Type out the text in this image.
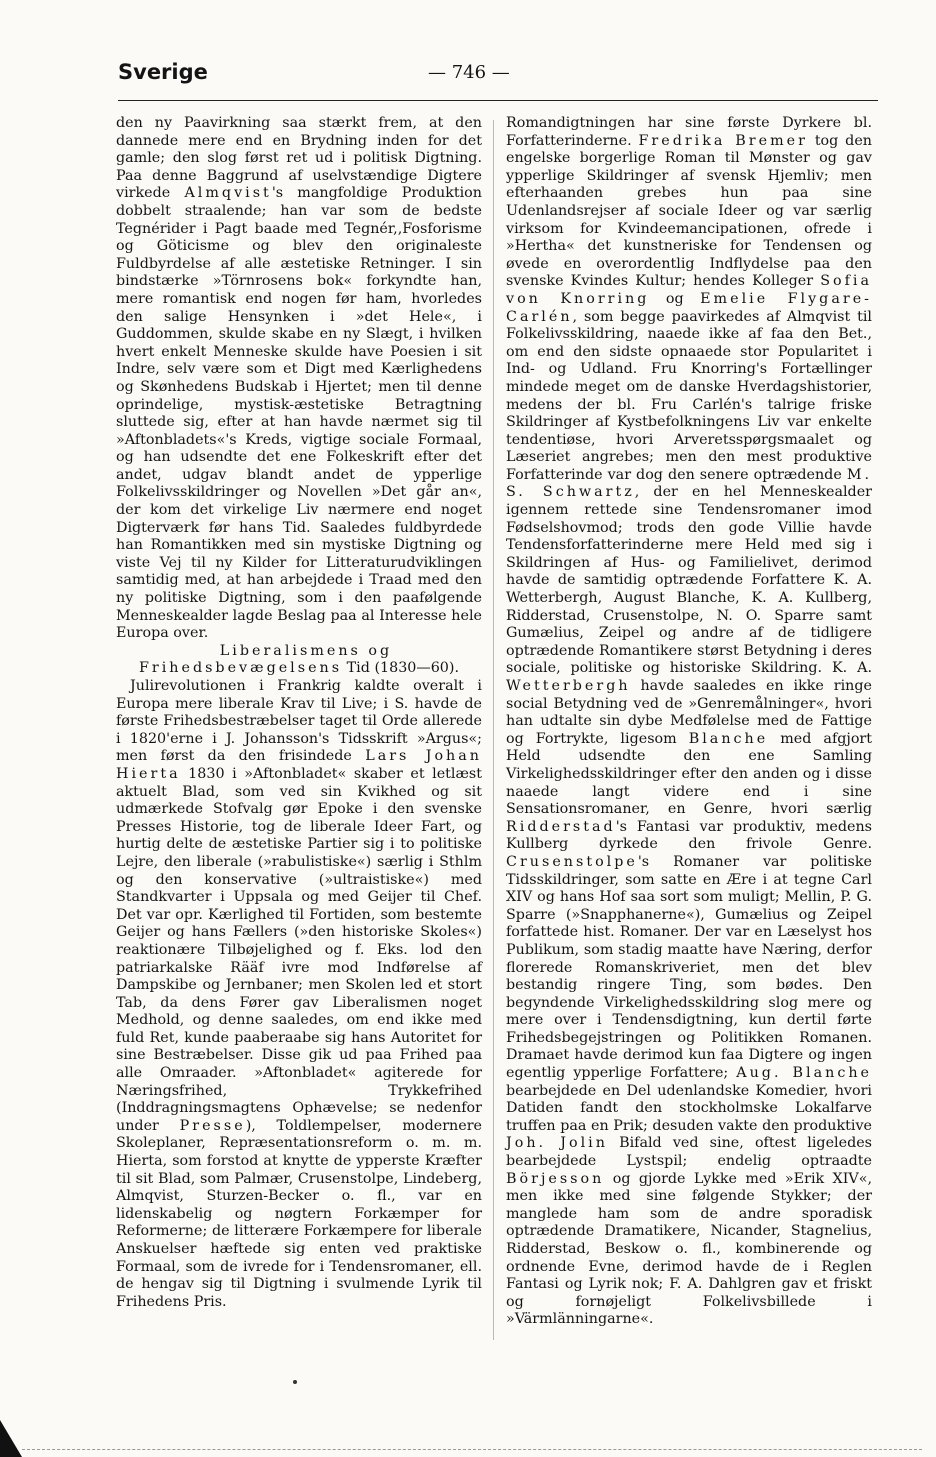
Sverige	— 746 —

den ny Paavirkning saa stærkt frem, at den dannede mere end en Brydning inden for det gamle; den slog først ret ud i politisk Digtning. Paa denne Baggrund af uselvstændige Digtere virkede Almqvist's mangfoldige Produktion dobbelt straalende; han var som de bedste Tegnérider i Pagt baade med Tegnér,,Fosforisme og Göticisme og blev den originaleste Fuldbyrdelse af alle æstetiske Retninger. I sin bindstærke »Törnrosens bok« forkyndte han, mere romantisk end nogen før ham, hvorledes den salige Hensynken i »det Hele«, i Guddommen, skulde skabe en ny Slægt, i hvilken hvert enkelt Menneske skulde have Poesien i sit Indre, selv være som et Digt med Kærlighedens og Skønhedens Budskab i Hjertet; men til denne oprindelige, mystisk-æstetiske Betragtning sluttede sig, efter at han havde nærmet sig til »Aftonbladets«'s Kreds, vigtige sociale Formaal, og han udsendte det ene Folkeskrift efter det andet, udgav blandt andet de ypperlige Folkelivsskildringer og Novellen »Det går an«, der kom det virkelige Liv nærmere end noget Digterværk før hans Tid. Saaledes fuldbyrdede han Romantikken med sin mystiske Digtning og viste Vej til ny Kilder for Litteraturudviklingen samtidig med, at han arbejdede i Traad med den ny politiske Digtning, som i den paafølgende Menneskealder lagde Beslag paa al Interesse hele Europa over.

Liberalismens og Frihedsbevægelsens Tid (1830—60).

Julirevolutionen i Frankrig kaldte overalt i Europa mere liberale Krav til Live; i S. havde de første Frihedsbestræbelser taget til Orde allerede i 1820'erne i J. Johansson's Tidsskrift »Argus«; men først da den frisindede Lars Johan Hierta 1830 i »Aftonbladet« skaber et letlæst aktuelt Blad, som ved sin Kvikhed og sit udmærkede Stofvalg gør Epoke i den svenske Presses Historie, tog de liberale Ideer Fart, og hurtig delte de æstetiske Partier sig i to politiske Lejre, den liberale (»rabulistiske«) særlig i Sthlm og den konservative (»ultraistiske«) med Standkvarter i Uppsala og med Geijer til Chef. Det var opr. Kærlighed til Fortiden, som bestemte Geijer og hans Fællers (»den historiske Skoles«) reaktionære Tilbøjelighed og f. Eks. lod den patriarkalske Rääf ivre mod Indførelse af Dampskibe og Jernbaner; men Skolen led et stort Tab, da dens Fører gav Liberalismen noget Medhold, og denne saaledes, om end ikke med fuld Ret, kunde paaberaabe sig hans Autoritet for sine Bestræbelser. Disse gik ud paa Frihed paa alle Omraader. »Aftonbladet« agiterede for Næringsfrihed, Trykkefrihed (Inddragningsmagtens Ophævelse; se nedenfor under Presse), Toldlempelser, modernere Skoleplaner, Repræsentationsreform o. m. m. Hierta, som forstod at knytte de ypperste Kræfter til sit Blad, som Palmær, Crusenstolpe, Lindeberg, Almqvist, Sturzen-Becker o. fl., var en lidenskabelig og nøgtern Forkæmper for Reformerne; de litterære Forkæmpere for liberale Anskuelser hæftede sig enten ved praktiske Formaal, som de ivrede for i Tendensromaner, ell. de hengav sig til Digtning i svulmende Lyrik til Frihedens Pris.

Romandigtningen har sine første Dyrkere bl. Forfatterinderne. Fredrika Bremer tog den engelske borgerlige Roman til Mønster og gav ypperlige Skildringer af svensk Hjemliv; men efterhaanden grebes hun paa sine Udenlandsrejser af sociale Ideer og var særlig virksom for Kvindeemancipationen, ofrede i »Hertha« det kunstneriske for Tendensen og øvede en overordentlig Indflydelse paa den svenske Kvindes Kultur; hendes Kolleger Sofia von Knorring og Emelie Flygare-Carlén, som begge paavirkedes af Almqvist til Folkelivsskildring, naaede ikke af faa den Bet., om end den sidste opnaaede stor Popularitet i Ind- og Udland. Fru Knorring's Fortællinger mindede meget om de danske Hverdagshistorier, medens der bl. Fru Carlén's talrige friske Skildringer af Kystbefolkningens Liv var enkelte tendentiøse, hvori Arveretsspørgsmaalet og Læseriet angrebes; men den mest produktive Forfatterinde var dog den senere optrædende M. S. Schwartz, der en hel Menneskealder igennem rettede sine Tendensromaner imod Fødselshovmod; trods den gode Villie havde Tendensforfatterinderne mere Held med sig i Skildringen af Hus- og Familielivet, derimod havde de samtidig optrædende Forfattere K. A. Wetterbergh, August Blanche, K. A. Kullberg, Ridderstad, Crusenstolpe, N. O. Sparre samt Gumælius, Zeipel og andre af de tidligere optrædende Romantikere størst Betydning i deres sociale, politiske og historiske Skildring. K. A. Wetterbergh havde saaledes en ikke ringe social Betydning ved de »Genremålninger«, hvori han udtalte sin dybe Medfølelse med de Fattige og Fortrykte, ligesom Blanche med afgjort Held udsendte den ene Samling Virkelighedsskildringer efter den anden og i disse naaede langt videre end i sine Sensationsromaner, en Genre, hvori særlig Ridderstad's Fantasi var produktiv, medens Kullberg dyrkede den frivole Genre. Crusenstolpe's Romaner var politiske Tidsskildringer, som satte en Ære i at tegne Carl XIV og hans Hof saa sort som muligt; Mellin, P. G. Sparre (»Snapphanerne«), Gumælius og Zeipel forfattede hist. Romaner. Der var en Læselyst hos Publikum, som stadig maatte have Næring, derfor florerede Romanskriveriet, men det blev bestandig ringere Ting, som bødes. Den begyndende Virkelighedsskildring slog mere og mere over i Tendensdigtning, kun dertil førte Frihedsbegejstringen og Politikken Romanen. Dramaet havde derimod kun faa Digtere og ingen egentlig ypperlige Forfattere; Aug. Blanche bearbejdede en Del udenlandske Komedier, hvori Datiden fandt den stockholmske Lokalfarve truffen paa en Prik; desuden vakte den produktive Joh. Jolin Bifald ved sine, oftest ligeledes bearbejdede Lystspil; endelig optraadte Börjesson og gjorde Lykke med »Erik XIV«, men ikke med sine følgende Stykker; der manglede ham som de andre sporadisk optrædende Dramatikere, Nicander, Stagnelius, Ridderstad, Beskow o. fl., kombinerende og ordnende Evne, derimod havde de i Reglen Fantasi og Lyrik nok; F. A. Dahlgren gav et friskt og fornøjeligt Folkelivsbillede i »Värmlänningarne«.
